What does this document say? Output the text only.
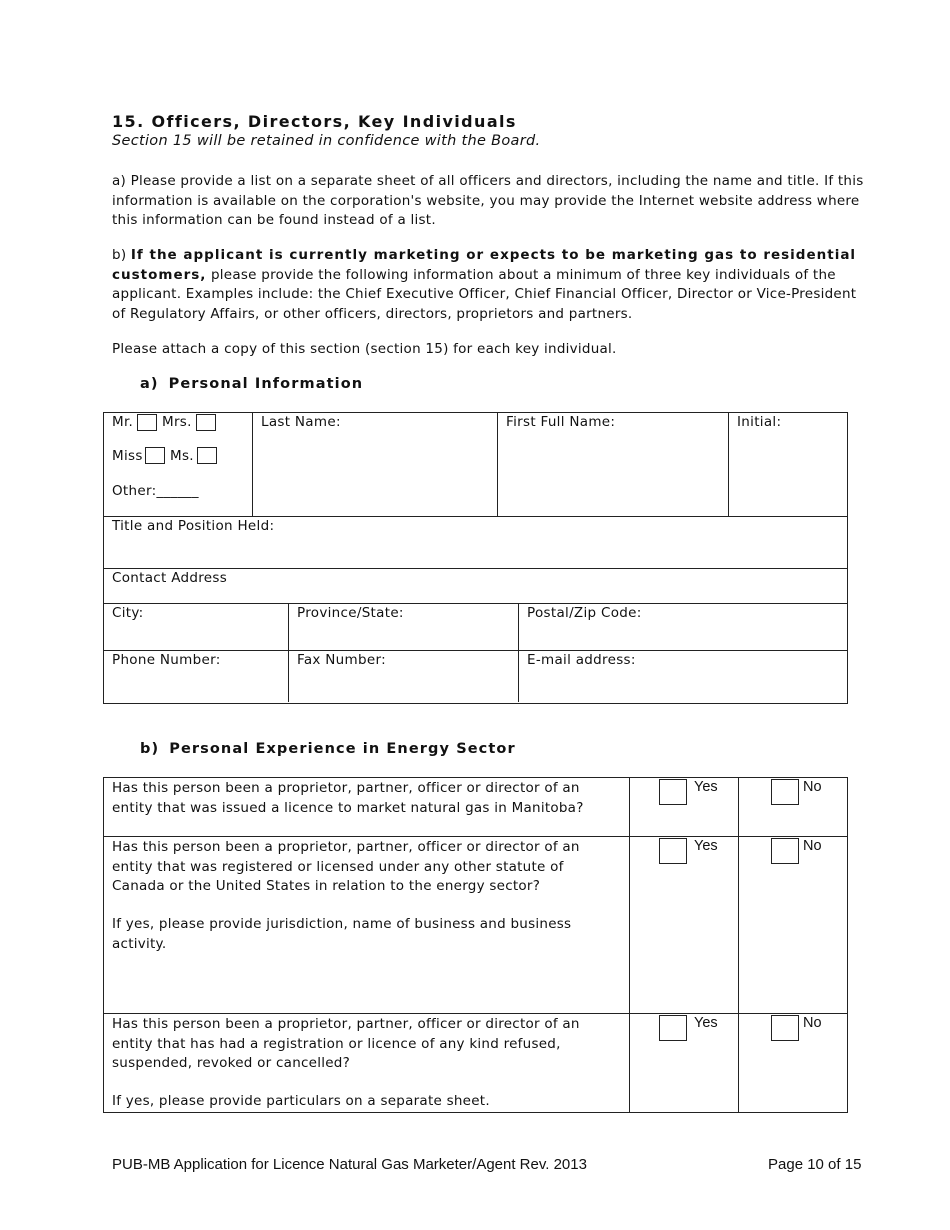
15. Officers, Directors, Key Individuals
Section 15 will be retained in confidence with the Board.
a) Please provide a list on a separate sheet of all officers and directors, including the name and title. If this information is available on the corporation's website, you may provide the Internet website address where this information can be found instead of a list.
b) If the applicant is currently marketing or expects to be marketing gas to residential customers, please provide the following information about a minimum of three key individuals of the applicant. Examples include: the Chief Executive Officer, Chief Financial Officer, Director or Vice-President of Regulatory Affairs, or other officers, directors, proprietors and partners.
Please attach a copy of this section (section 15) for each key individual.
a) Personal Information
Mr. Mrs.
Miss Ms.
Other:______
Last Name:	First Full Name:	Initial:
Title and Position Held:
Contact Address
City:	Province/State:	Postal/Zip Code:
Phone Number:	Fax Number:	E-mail address:
b) Personal Experience in Energy Sector
Has this person been a proprietor, partner, officer or director of an entity that was issued a licence to market natural gas in Manitoba?
Yes	No
Has this person been a proprietor, partner, officer or director of an entity that was registered or licensed under any other statute of Canada or the United States in relation to the energy sector?
If yes, please provide jurisdiction, name of business and business activity.
Yes	No
Has this person been a proprietor, partner, officer or director of an entity that has had a registration or licence of any kind refused, suspended, revoked or cancelled?
If yes, please provide particulars on a separate sheet.
Yes	No
PUB-MB Application for Licence Natural Gas Marketer/Agent Rev. 2013	Page 10 of 15
